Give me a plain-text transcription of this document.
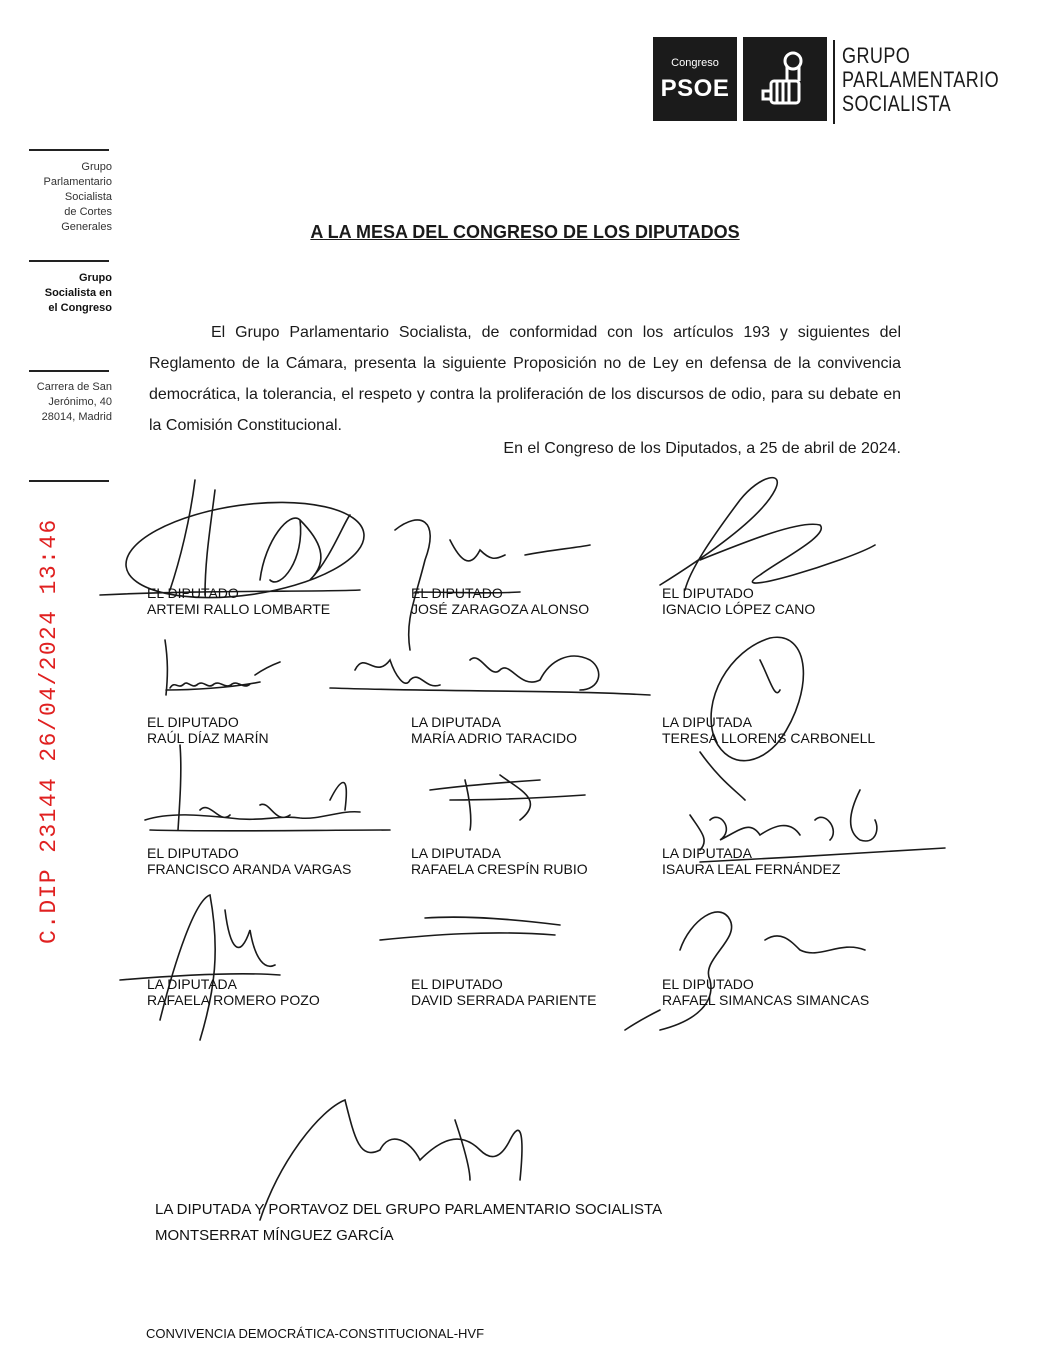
Congreso
PSOE
GRUPO
PARLAMENTARIO
SOCIALISTA
Grupo
Parlamentario
Socialista
de Cortes
Generales
Grupo
Socialista en
el Congreso
Carrera de San
Jerónimo, 40
28014, Madrid
C.DIP 23144 26/04/2024 13:46
A LA MESA DEL CONGRESO DE LOS DIPUTADOS
El Grupo Parlamentario Socialista, de conformidad con los artículos 193 y siguientes del Reglamento de la Cámara, presenta la siguiente Proposición no de Ley en defensa de la convivencia democrática, la tolerancia, el respeto y contra la proliferación de los discursos de odio, para su debate en la Comisión Constitucional.
En el Congreso de los Diputados, a 25 de abril de 2024.
EL DIPUTADO
ARTEMI RALLO LOMBARTE
EL DIPUTADO
JOSÉ ZARAGOZA ALONSO
EL DIPUTADO
IGNACIO LÓPEZ CANO
EL DIPUTADO
RAÚL DÍAZ MARÍN
LA DIPUTADA
MARÍA ADRIO TARACIDO
LA DIPUTADA
TERESA LLORENS CARBONELL
EL DIPUTADO
FRANCISCO ARANDA VARGAS
LA DIPUTADA
RAFAELA CRESPÍN RUBIO
LA DIPUTADA
ISAURA LEAL FERNÁNDEZ
LA DIPUTADA
RAFAELA ROMERO POZO
EL DIPUTADO
DAVID SERRADA PARIENTE
EL DIPUTADO
RAFAEL SIMANCAS SIMANCAS
LA DIPUTADA Y PORTAVOZ DEL GRUPO PARLAMENTARIO SOCIALISTA
MONTSERRAT MÍNGUEZ GARCÍA
CONVIVENCIA DEMOCRÁTICA-CONSTITUCIONAL-HVF
